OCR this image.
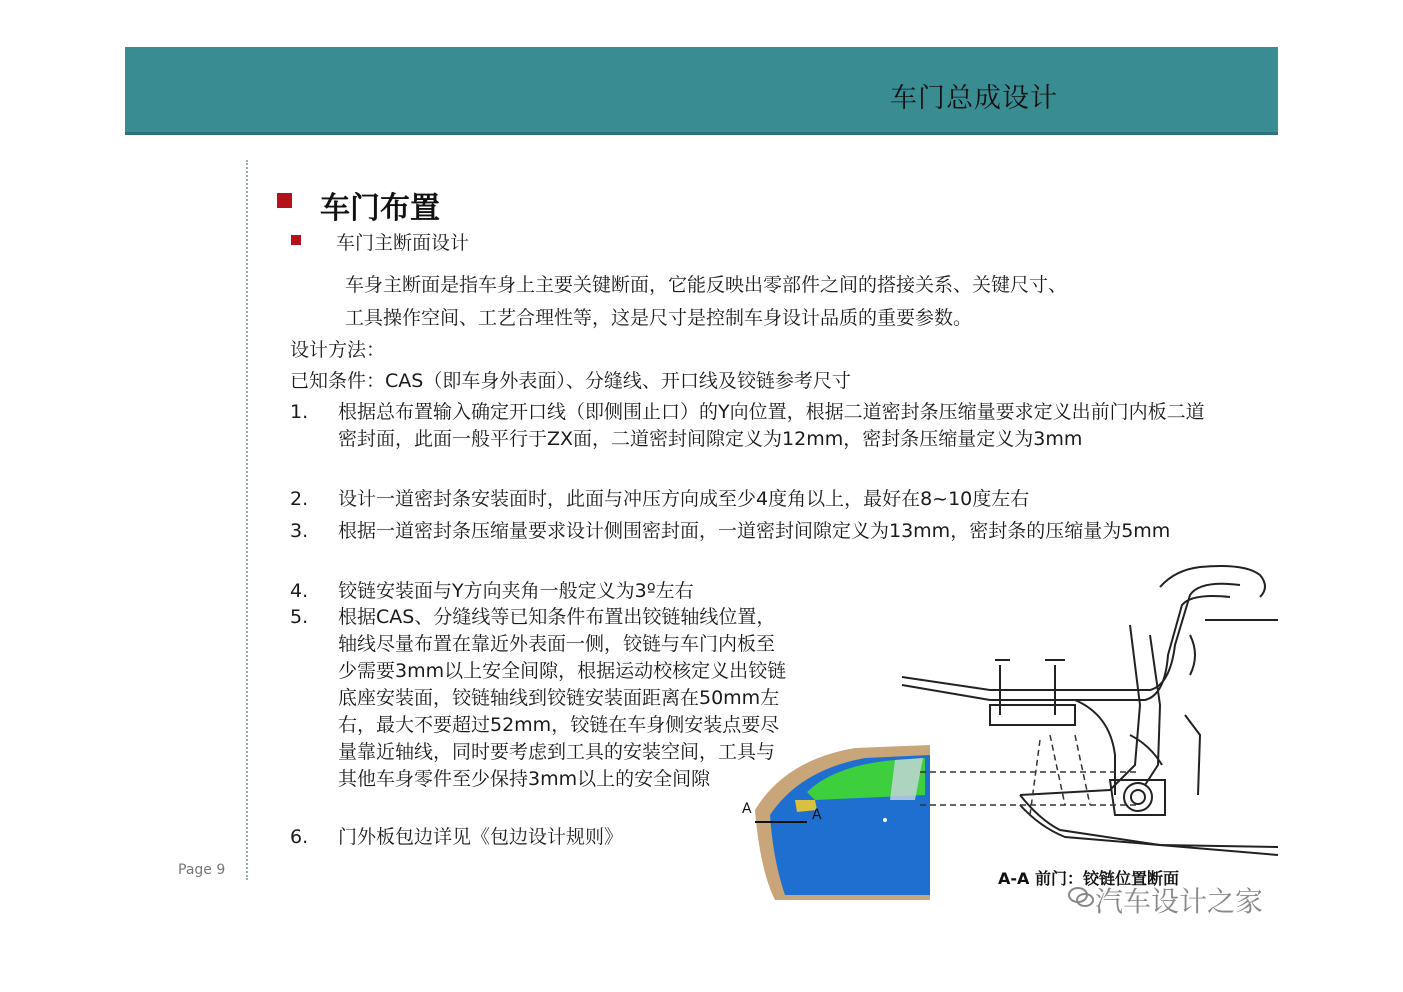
车门总成设计
Page 9
车门布置
车门主断面设计
车身主断面是指车身上主要关键断面，它能反映出零部件之间的搭接关系、关键尺寸、
工具操作空间、工艺合理性等，这是尺寸是控制车身设计品质的重要参数。
设计方法：
已知条件：CAS（即车身外表面）、分缝线、开口线及铰链参考尺寸
1. 根据总布置输入确定开口线（即侧围止口）的Y向位置，根据二道密封条压缩量要求定义出前门内板二道密封面，此面一般平行于ZX面，二道密封间隙定义为12mm，密封条压缩量定义为3mm
2. 设计一道密封条安装面时，此面与冲压方向成至少4度角以上，最好在8~10度左右
3. 根据一道密封条压缩量要求设计侧围密封面，一道密封间隙定义为13mm，密封条的压缩量为5mm
4. 铰链安装面与Y方向夹角一般定义为3º左右
5. 根据CAS、分缝线等已知条件布置出铰链轴线位置，轴线尽量布置在靠近外表面一侧，铰链与车门内板至少需要3mm以上安全间隙，根据运动校核定义出铰链底座安装面，铰链轴线到铰链安装面距离在50mm左右，最大不要超过52mm，铰链在车身侧安装点要尽量靠近轴线，同时要考虑到工具的安装空间，工具与其他车身零件至少保持3mm以上的安全间隙
6. 门外板包边详见《包边设计规则》
A	A
A-A 前门：铰链位置断面
汽车设计之家
